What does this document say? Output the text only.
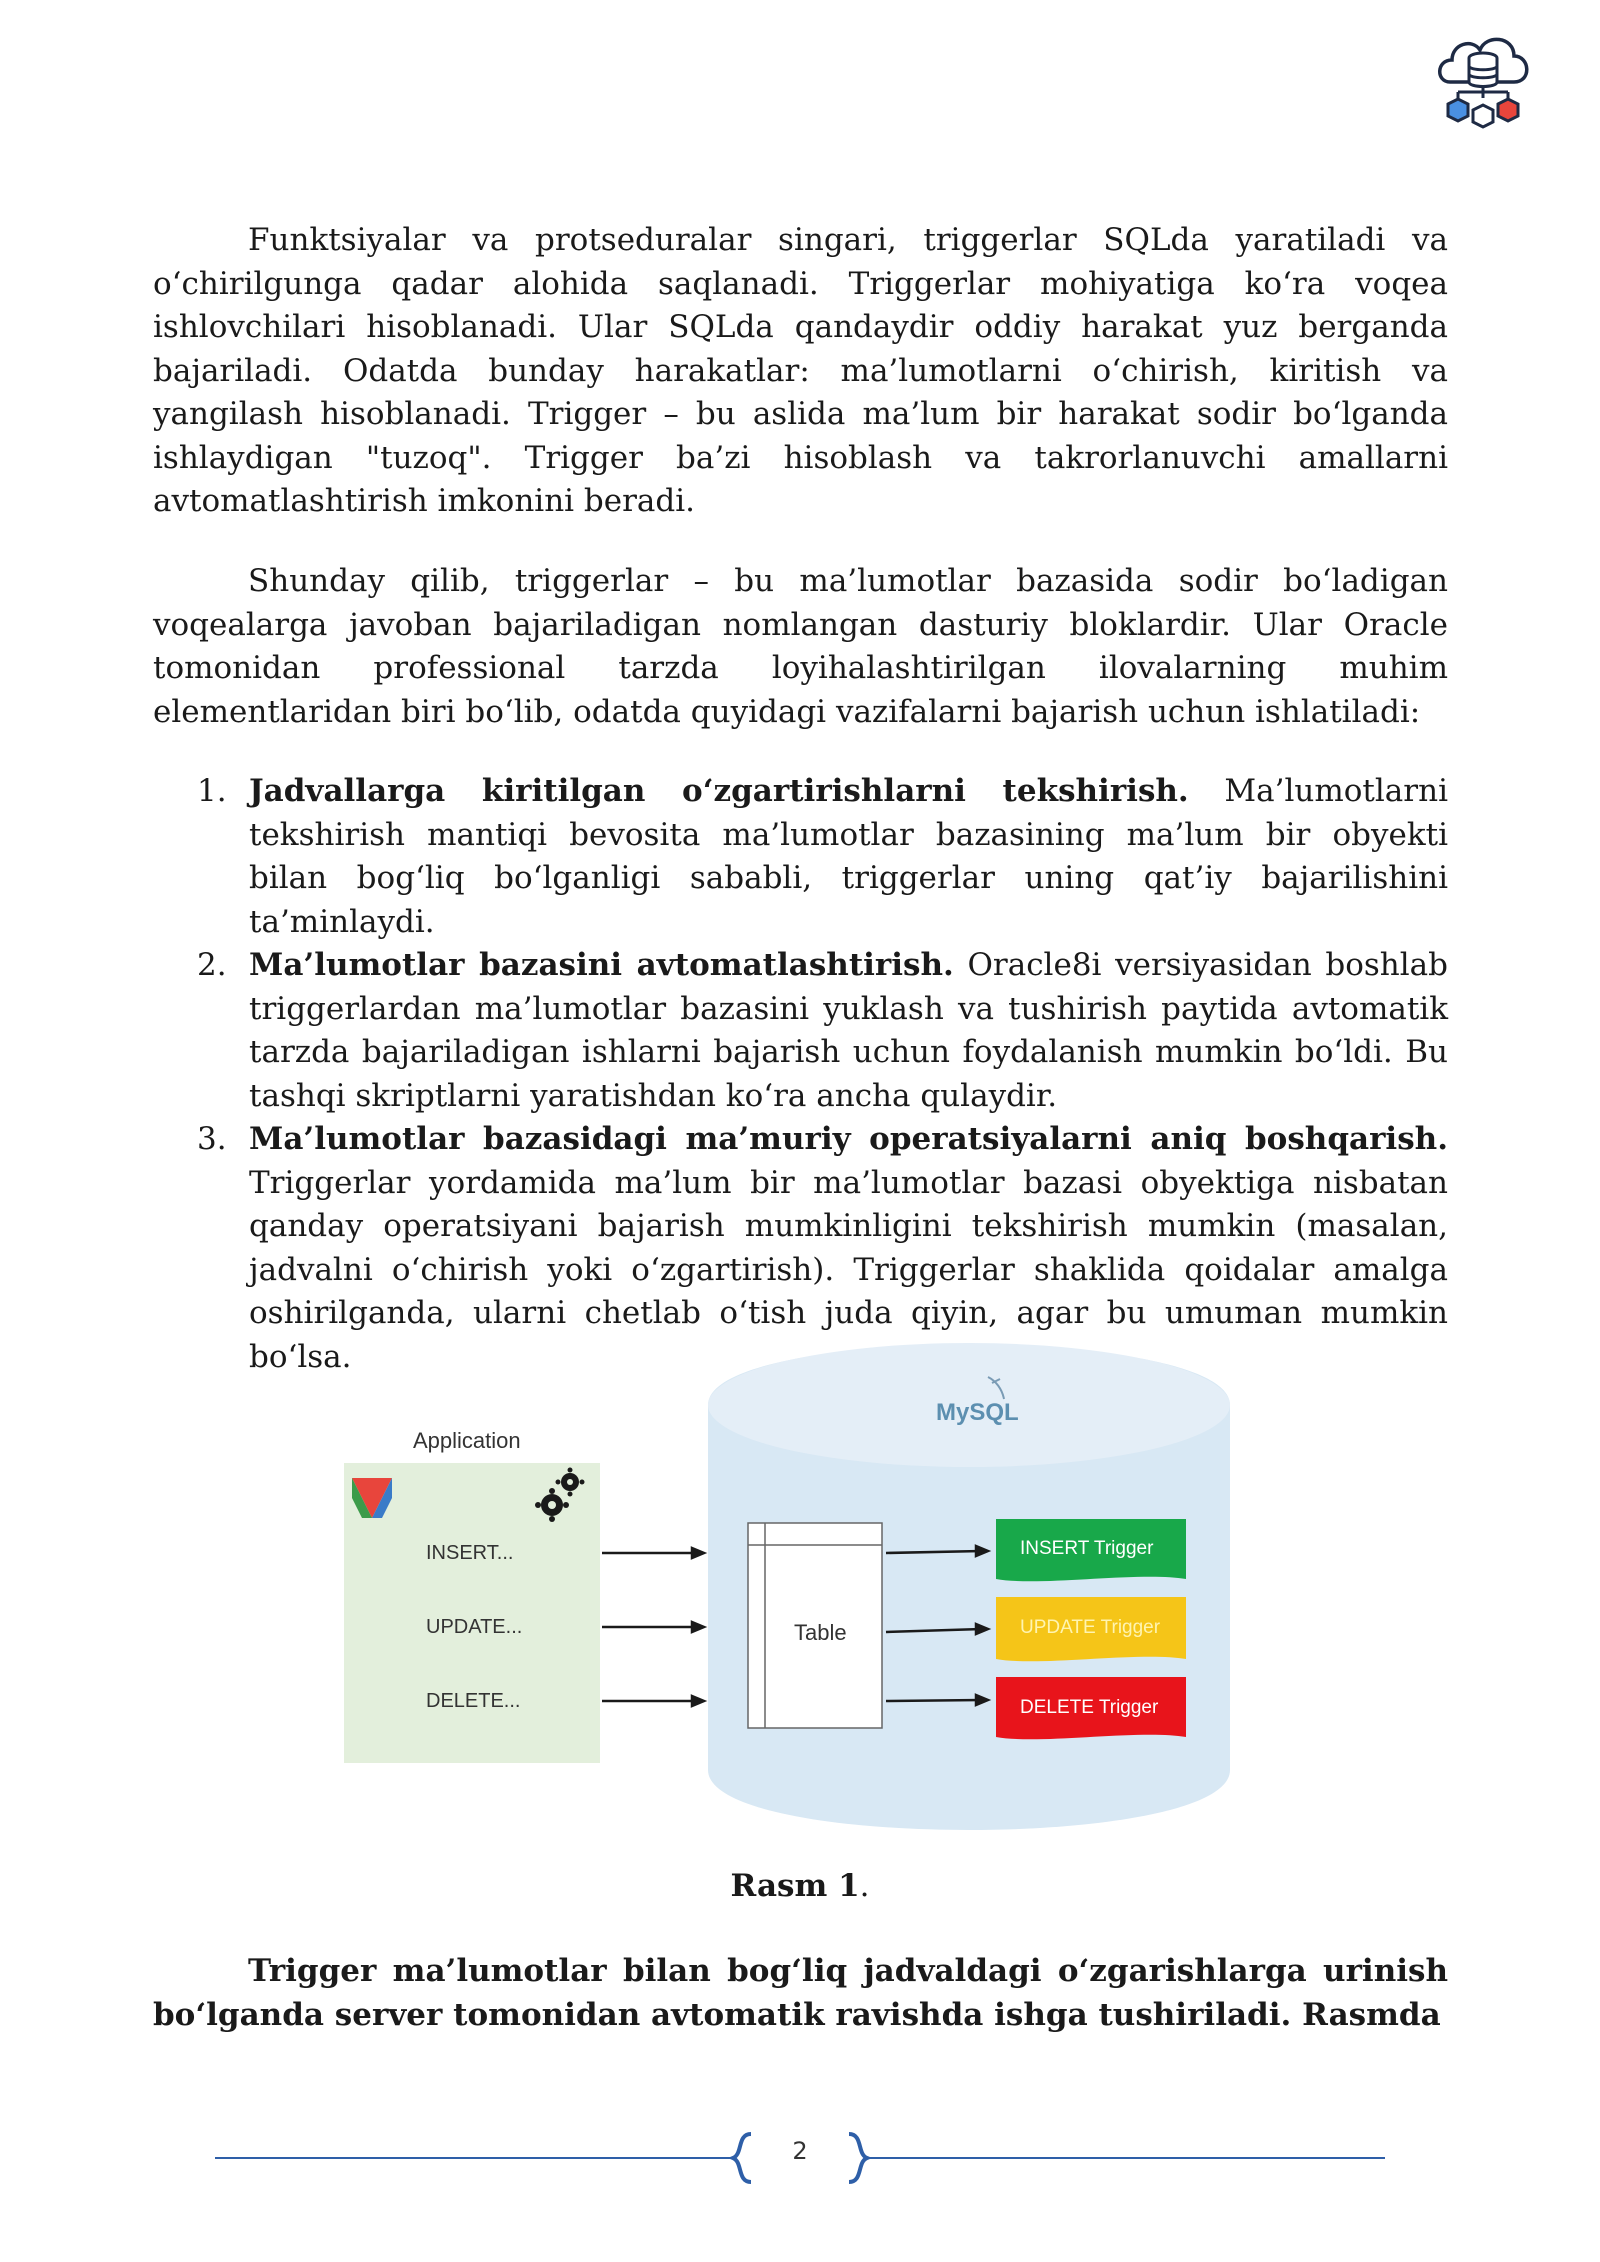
Funktsiyalar va protseduralar singari, triggerlar SQLda yaratiladi va o‘chirilgunga qadar alohida saqlanadi. Triggerlar mohiyatiga ko‘ra voqea ishlovchilari hisoblanadi. Ular SQLda qandaydir oddiy harakat yuz berganda bajariladi. Odatda bunday harakatlar: ma’lumotlarni o‘chirish, kiritish va yangilash hisoblanadi. Trigger – bu aslida ma’lum bir harakat sodir bo‘lganda ishlaydigan "tuzoq". Trigger ba’zi hisoblash va takrorlanuvchi amallarni avtomatlashtirish imkonini beradi.

Shunday qilib, triggerlar – bu ma’lumotlar bazasida sodir bo‘ladigan voqealarga javoban bajariladigan nomlangan dasturiy bloklardir. Ular Oracle tomonidan professional tarzda loyihalashtirilgan ilovalarning muhim elementlaridan biri bo‘lib, odatda quyidagi vazifalarni bajarish uchun ishlatiladi:

1. Jadvallarga kiritilgan o‘zgartirishlarni tekshirish. Ma’lumotlarni tekshirish mantiqi bevosita ma’lumotlar bazasining ma’lum bir obyekti bilan bog‘liq bo‘lganligi sababli, triggerlar uning qat’iy bajarilishini ta’minlaydi.
2. Ma’lumotlar bazasini avtomatlashtirish. Oracle8i versiyasidan boshlab triggerlardan ma’lumotlar bazasini yuklash va tushirish paytida avtomatik tarzda bajariladigan ishlarni bajarish uchun foydalanish mumkin bo‘ldi. Bu tashqi skriptlarni yaratishdan ko‘ra ancha qulaydir.
3. Ma’lumotlar bazasidagi ma’muriy operatsiyalarni aniq boshqarish. Triggerlar yordamida ma’lum bir ma’lumotlar bazasi obyektiga nisbatan qanday operatsiyani bajarish mumkinligini tekshirish mumkin (masalan, jadvalni o‘chirish yoki o‘zgartirish). Triggerlar shaklida qoidalar amalga oshirilganda, ularni chetlab o‘tish juda qiyin, agar bu umuman mumkin bo‘lsa.
MySQL
Application
INSERT...
UPDATE...
DELETE...
Table
INSERT Trigger
UPDATE Trigger
DELETE Trigger
Rasm 1.

Trigger ma’lumotlar bilan bog‘liq jadvaldagi o‘zgarishlarga urinish bo‘lganda server tomonidan avtomatik ravishda ishga tushiriladi. Rasmda

2
